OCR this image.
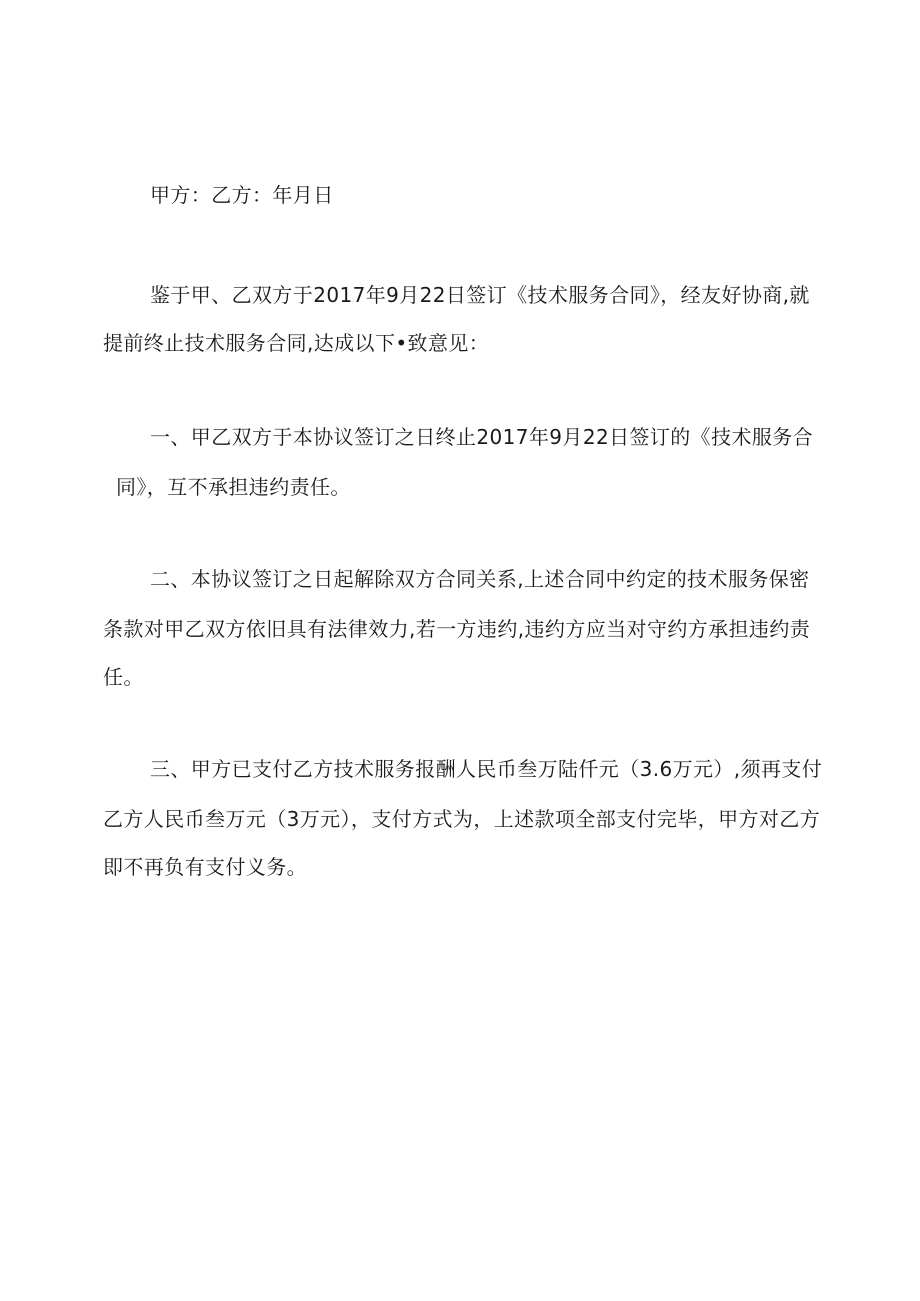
甲方：乙方：年月日
鉴于甲、乙双方于2017年9月22日签订《技术服务合同》，经友好协商,就
提前终止技术服务合同,达成以下•致意见：
一、甲乙双方于本协议签订之日终止2017年9月22日签订的《技术服务合
同》，互不承担违约责任。
二、本协议签订之日起解除双方合同关系,上述合同中约定的技术服务保密
条款对甲乙双方依旧具有法律效力,若一方违约,违约方应当对守约方承担违约责
任。
三、甲方已支付乙方技术服务报酬人民币叁万陆仟元（3.6万元）,须再支付
乙方人民币叁万元（3万元），支付方式为，上述款项全部支付完毕，甲方对乙方
即不再负有支付义务。
